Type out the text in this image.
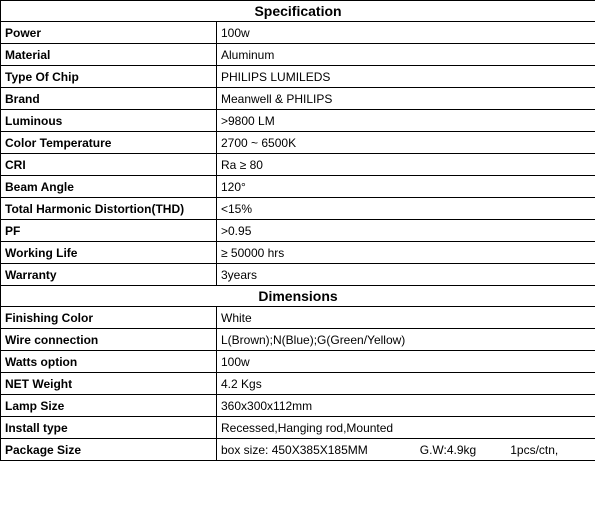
Specification	
Power	100w
Material	Aluminum
Type Of Chip	PHILIPS LUMILEDS
Brand	Meanwell & PHILIPS
Luminous	>9800 LM
Color Temperature	2700 ~ 6500K
CRI	Ra ≥ 80
Beam Angle	120°
Total Harmonic Distortion(THD)	<15%
PF	>0.95
Working Life	≥ 50000 hrs
Warranty	3years
Dimensions	
Finishing Color	White
Wire connection	L(Brown);N(Blue);G(Green/Yellow)
Watts option	100w
NET Weight	4.2 Kgs
Lamp Size	360x300x112mm
Install type	Recessed,Hanging rod,Mounted
Package Size	box size: 450X385X185MM G.W:4.9kg 1pcs/ctn,
